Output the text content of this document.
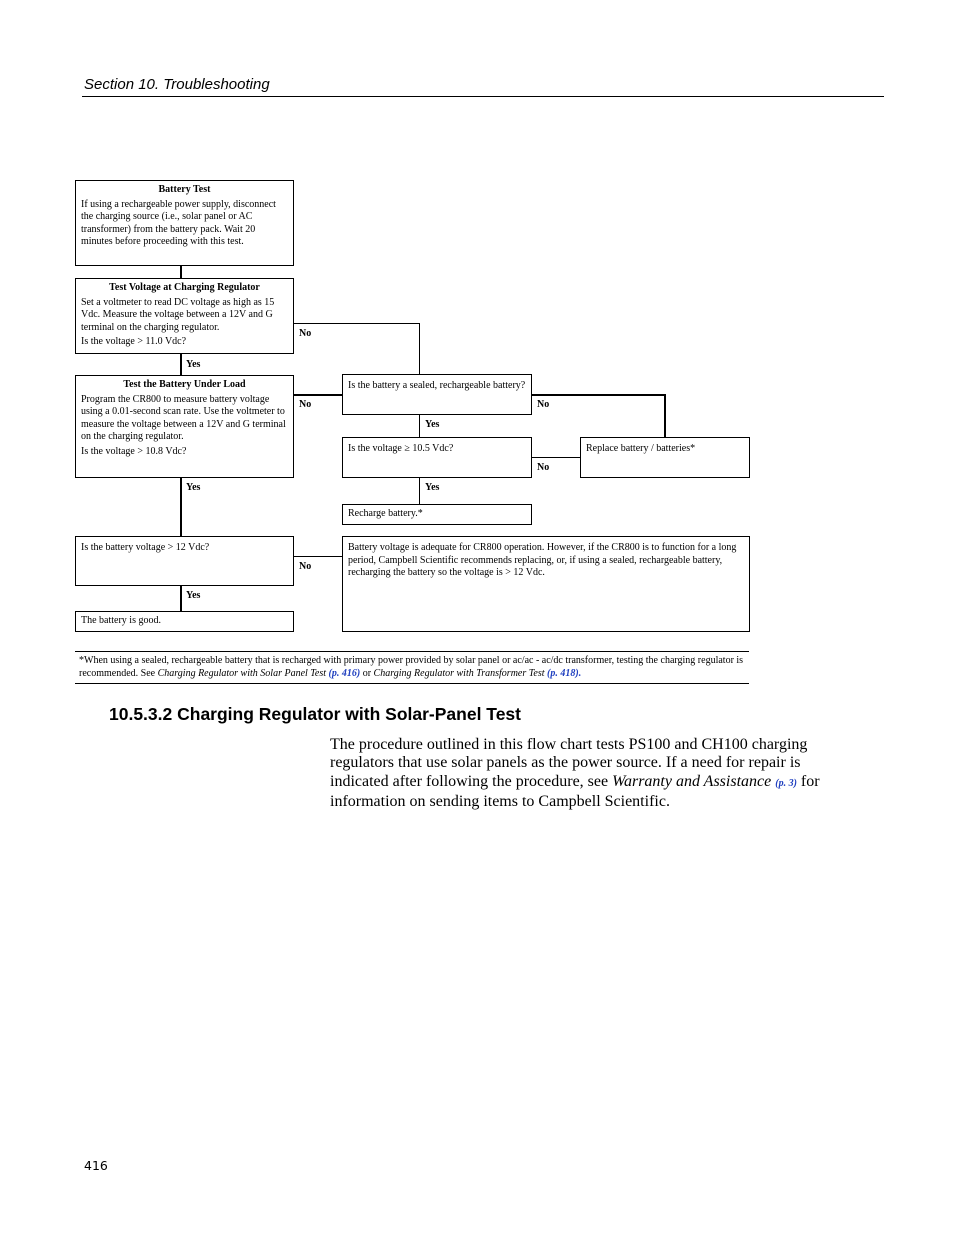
Section 10. Troubleshooting
Battery Test
If using a rechargeable power supply, disconnect the charging source (i.e., solar panel or AC transformer) from the battery pack. Wait 20 minutes before proceeding with this test.
Test Voltage at Charging Regulator
Set a voltmeter to read DC voltage as high as 15 Vdc. Measure the voltage between a 12V and G terminal on the charging regulator.
Is the voltage > 11.0 Vdc?
Test the Battery Under Load
Program the CR800 to measure battery voltage using a 0.01-second scan rate. Use the voltmeter to measure the voltage between a 12V and G terminal on the charging regulator.
Is the voltage > 10.8 Vdc?
Is the battery a sealed, rechargeable battery?
Is the voltage ≥ 10.5 Vdc?	Replace battery / batteries*
Recharge battery.*
Is the battery voltage > 12 Vdc?
The battery is good.
Battery voltage is adequate for CR800 operation. However, if the CR800 is to function for a long period, Campbell Scientific recommends replacing, or, if using a sealed, rechargeable battery, recharging the battery so the voltage is > 12 Vdc.
No
Yes
No	No
Yes
No
Yes	Yes
No
Yes
*When using a sealed, rechargeable battery that is recharged with primary power provided by solar panel or ac/ac - ac/dc transformer, testing the charging regulator is recommended. See Charging Regulator with Solar Panel Test (p. 416) or Charging Regulator with Transformer Test (p. 418).
10.5.3.2 Charging Regulator with Solar-Panel Test
The procedure outlined in this flow chart tests PS100 and CH100 charging regulators that use solar panels as the power source. If a need for repair is indicated after following the procedure, see Warranty and Assistance (p. 3) for information on sending items to Campbell Scientific.
416
